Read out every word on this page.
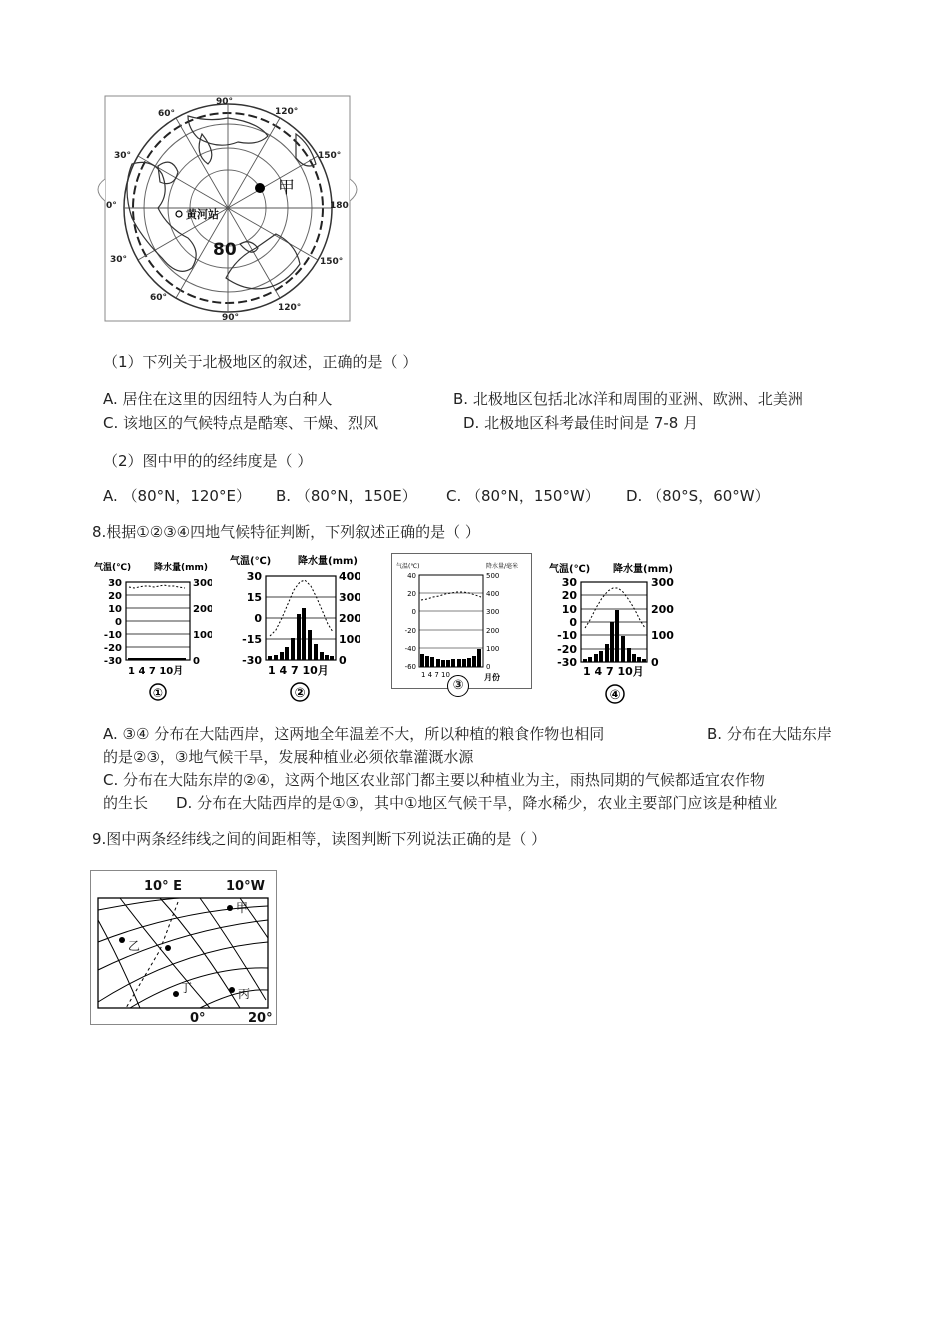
90°
90°
120°
120°
150°
150°
180
0°
30°
30°
60°
60°
80
甲
黄河站
（1）下列关于北极地区的叙述，正确的是（ ）
A. 居住在这里的因纽特人为白种人	B. 北极地区包括北冰洋和周围的亚洲、欧洲、北美洲
C. 该地区的气候特点是酷寒、干燥、烈风	D. 北极地区科考最佳时间是 7-8 月
（2）图中甲的的经纬度是（ ）
A. （80°N，120°E） B. （80°N，150E） C. （80°N，150°W） D. （80°S，60°W）
8.根据①②③④四地气候特征判断，下列叙述正确的是（ ）
气温(℃)	降水量(mm)
30
20
10
0
-10
-20
-30
300
200
100
0
1 4 7 10月
①
气温(℃)	降水量(mm)
30
15
0
-15
-30
400
300
200
100
0
1 4 7 10月
②
气温(℃)	降水量/毫米
40
20
0
-20
-40
-60
500
400
300
200
100
0
1 4 7 10	月份
③
气温(℃) 降水量(mm)
30
20
10
0
-10
-20
-30
300
200
100
0
1 4 7 10月
④
A. ③④ 分布在大陆西岸，这两地全年温差不大，所以种植的粮食作物也相同	B. 分布在大陆东岸
的是②③，③地气候干旱，发展种植业必须依靠灌溉水源
C. 分布在大陆东岸的②④，这两个地区农业部门都主要以种植业为主，雨热同期的气候都适宜农作物
的生长 D. 分布在大陆西岸的是①③，其中①地区气候干旱，降水稀少，农业主要部门应该是种植业
9.图中两条经纬线之间的间距相等，读图判断下列说法正确的是（ ）
10° E	10°W
0°	20°
甲
乙
丁	丙
